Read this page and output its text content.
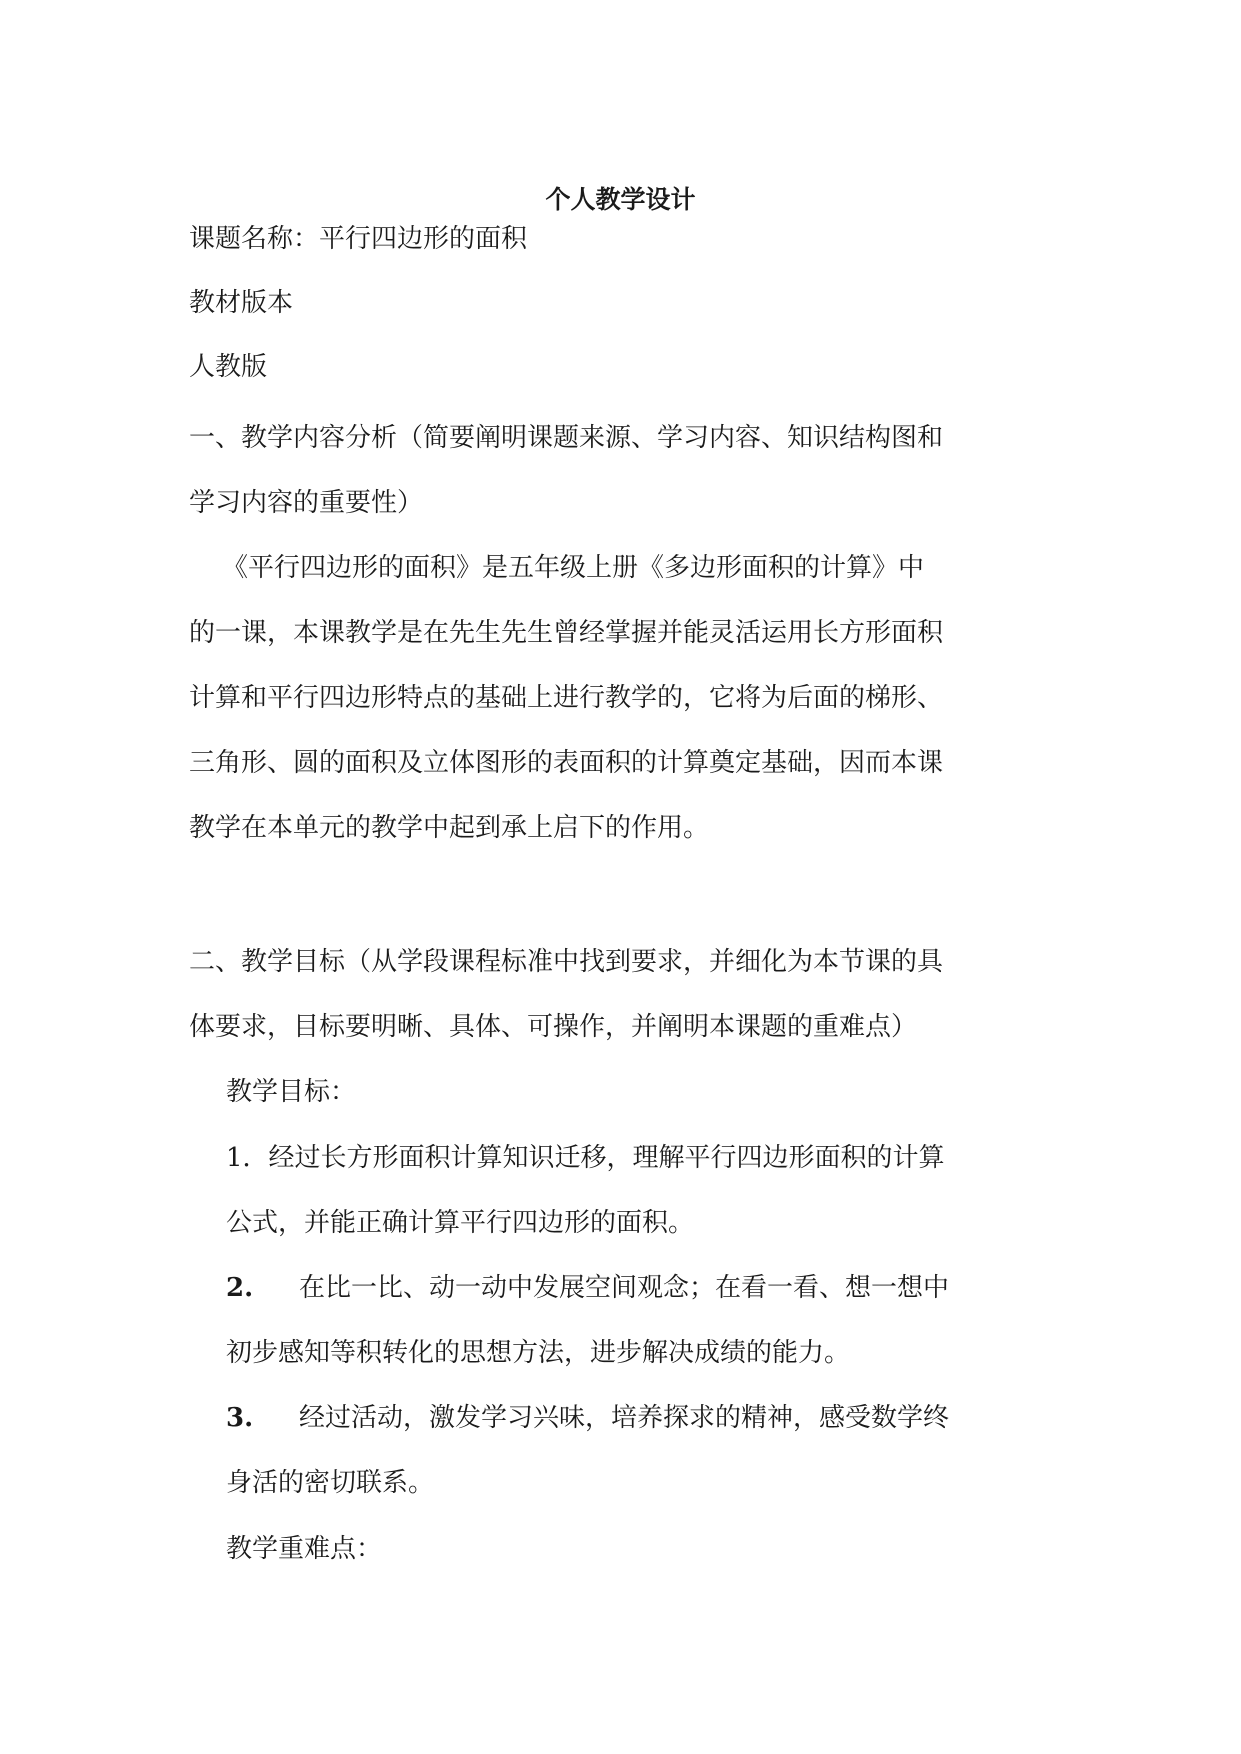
个人教学设计
课题名称：平行四边形的面积
教材版本
人教版
一、教学内容分析（简要阐明课题来源、学习内容、知识结构图和
学习内容的重要性）
《平行四边形的面积》是五年级上册《多边形面积的计算》中
的一课，本课教学是在先生先生曾经掌握并能灵活运用长方形面积
计算和平行四边形特点的基础上进行教学的，它将为后面的梯形、
三角形、圆的面积及立体图形的表面积的计算奠定基础，因而本课
教学在本单元的教学中起到承上启下的作用。
二、教学目标（从学段课程标准中找到要求，并细化为本节课的具
体要求，目标要明晰、具体、可操作，并阐明本课题的重难点）
教学目标：
1．经过长方形面积计算知识迁移，理解平行四边形面积的计算
公式，并能正确计算平行四边形的面积。
2. 在比一比、动一动中发展空间观念；在看一看、想一想中
初步感知等积转化的思想方法，进步解决成绩的能力。
3. 经过活动，激发学习兴味，培养探求的精神，感受数学终
身活的密切联系。
教学重难点：
